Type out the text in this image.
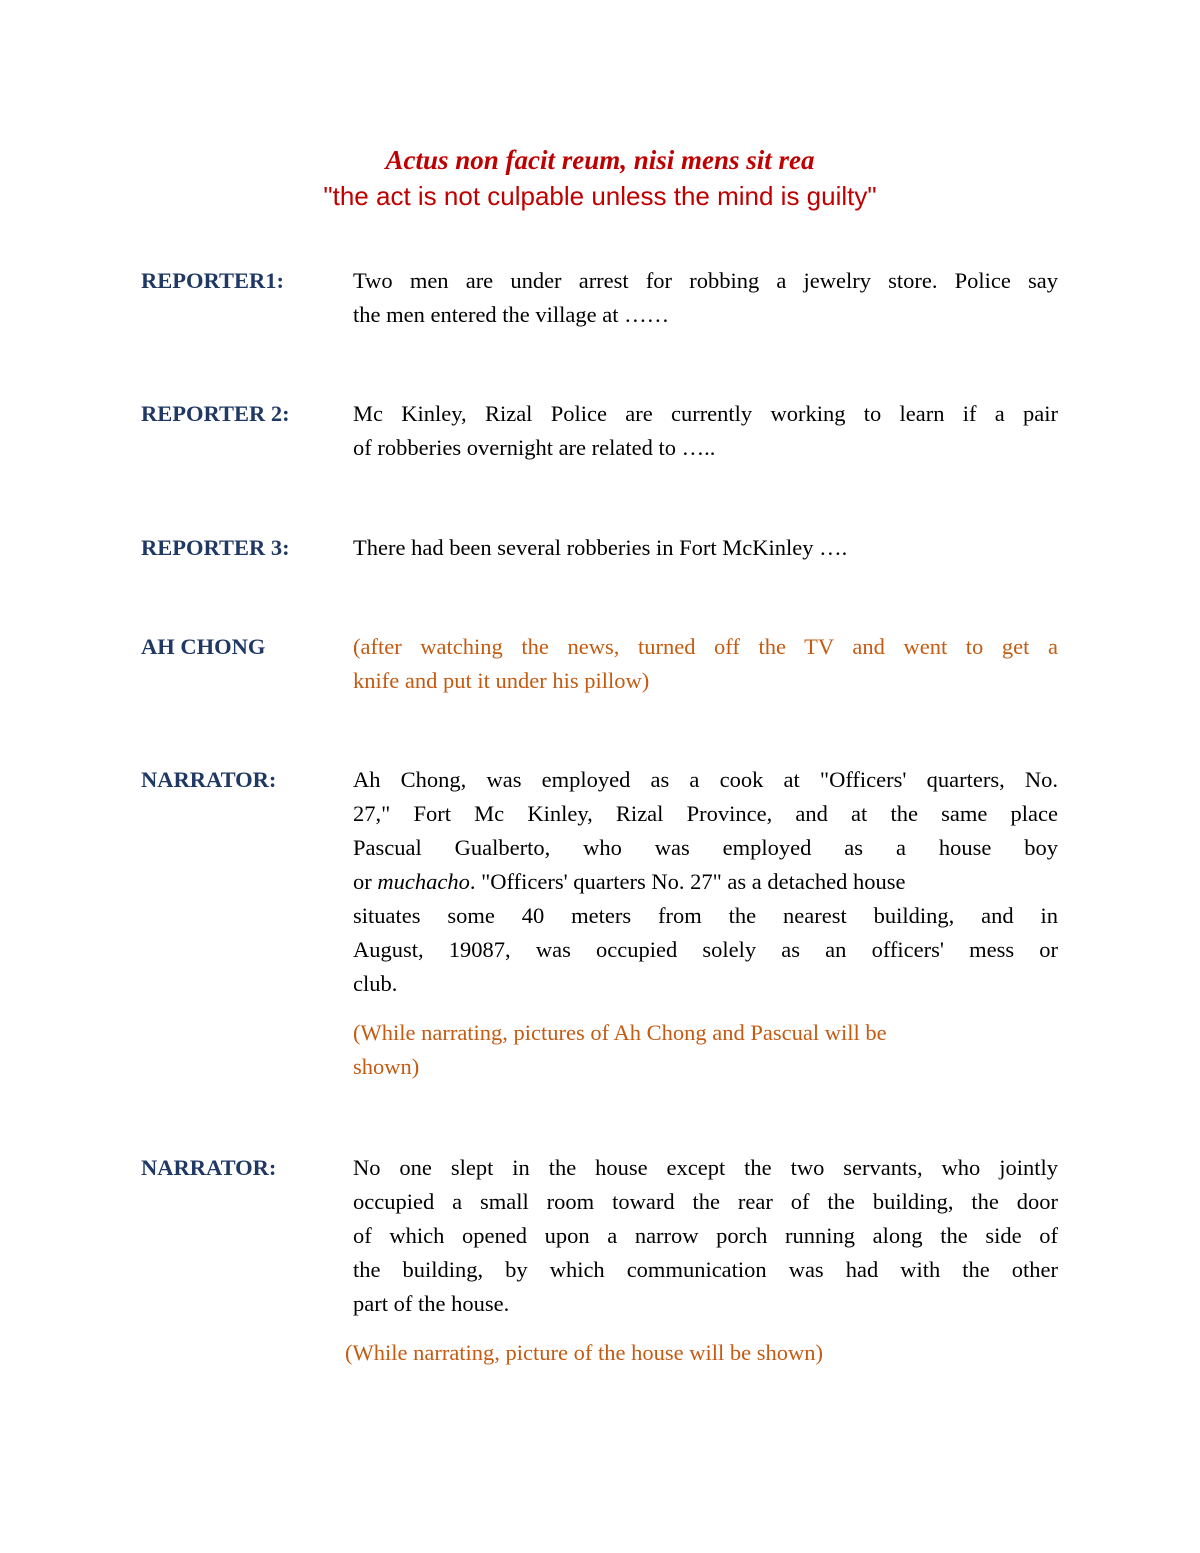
Actus non facit reum, nisi mens sit rea
"the act is not culpable unless the mind is guilty"
REPORTER1:	Two men are under arrest for robbing a jewelry store. Police say
the men entered the village at ……
REPORTER 2:	Mc Kinley, Rizal Police are currently working to learn if a pair
of robberies overnight are related to …..
REPORTER 3:	There had been several robberies in Fort McKinley ….
AH CHONG	(after watching the news, turned off the TV and went to get a
knife and put it under his pillow)
NARRATOR:	Ah Chong, was employed as a cook at "Officers' quarters, No.
27," Fort Mc Kinley, Rizal Province, and at the same place
Pascual Gualberto, who was employed as a house boy
or muchacho. "Officers' quarters No. 27" as a detached house
situates some 40 meters from the nearest building, and in
August, 19087, was occupied solely as an officers' mess or
club.
(While narrating, pictures of Ah Chong and Pascual will be
shown)
NARRATOR:	No one slept in the house except the two servants, who jointly
occupied a small room toward the rear of the building, the door
of which opened upon a narrow porch running along the side of
the building, by which communication was had with the other
part of the house.
(While narrating, picture of the house will be shown)
